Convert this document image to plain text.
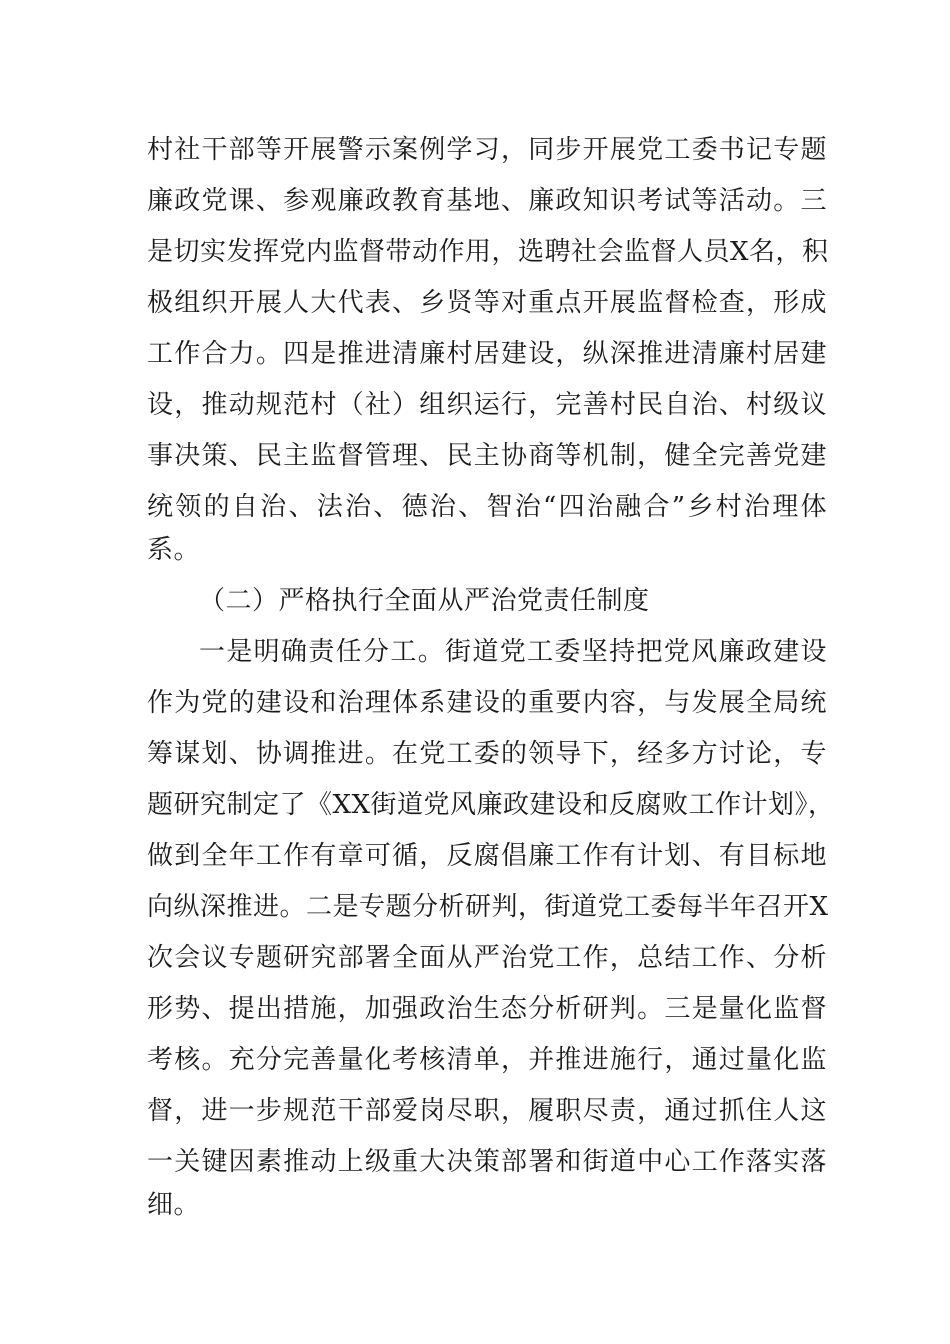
村社干部等开展警示案例学习，同步开展党工委书记专题
廉政党课、参观廉政教育基地、廉政知识考试等活动。三
是切实发挥党内监督带动作用，选聘社会监督人员X名，积
极组织开展人大代表、乡贤等对重点开展监督检查，形成
工作合力。四是推进清廉村居建设，纵深推进清廉村居建
设，推动规范村（社）组织运行，完善村民自治、村级议
事决策、民主监督管理、民主协商等机制，健全完善党建
统领的自治、法治、德治、智治“四治融合”乡村治理体
系。
（二）严格执行全面从严治党责任制度
一是明确责任分工。街道党工委坚持把党风廉政建设
作为党的建设和治理体系建设的重要内容，与发展全局统
筹谋划、协调推进。在党工委的领导下，经多方讨论，专
题研究制定了《XX街道党风廉政建设和反腐败工作计划》，
做到全年工作有章可循，反腐倡廉工作有计划、有目标地
向纵深推进。二是专题分析研判，街道党工委每半年召开X
次会议专题研究部署全面从严治党工作，总结工作、分析
形势、提出措施，加强政治生态分析研判。三是量化监督
考核。充分完善量化考核清单，并推进施行，通过量化监
督，进一步规范干部爱岗尽职，履职尽责，通过抓住人这
一关键因素推动上级重大决策部署和街道中心工作落实落
细。
